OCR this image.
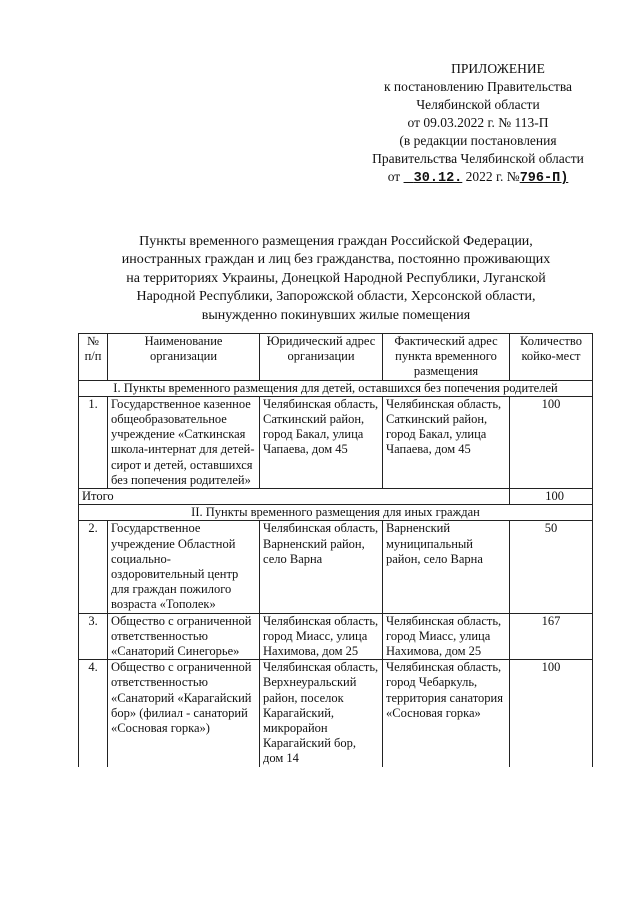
ПРИЛОЖЕНИЕ
к постановлению Правительства
Челябинской области
от 09.03.2022 г. № 113-П
(в редакции постановления
Правительства Челябинской области
от 30.12. 2022 г. №796-П)
Пункты временного размещения граждан Российской Федерации,
иностранных граждан и лиц без гражданства, постоянно проживающих
на территориях Украины, Донецкой Народной Республики, Луганской
Народной Республики, Запорожской области, Херсонской области,
вынужденно покинувших жилые помещения
№ п/п	Наименование организации	Юридический адрес организации	Фактический адрес пункта временного размещения	Количество койко-мест
I. Пункты временного размещения для детей, оставшихся без попечения родителей				
1.	Государственное казенное общеобразовательное учреждение «Саткинская школа-интернат для детей-сирот и детей, оставшихся без попечения родителей»	Челябинская область, Саткинский район, город Бакал, улица Чапаева, дом 45	Челябинская область, Саткинский район, город Бакал, улица Чапаева, дом 45	100
Итого				100
II. Пункты временного размещения для иных граждан				
2.	Государственное учреждение Областной социально-оздоровительный центр для граждан пожилого возраста «Тополек»	Челябинская область, Варненский район, село Варна	Варненский муниципальный район, село Варна	50
3.	Общество с ограниченной ответственностью «Санаторий Синегорье»	Челябинская область, город Миасс, улица Нахимова, дом 25	Челябинская область, город Миасс, улица Нахимова, дом 25	167
4.	Общество с ограниченной ответственностью «Санаторий «Карагайский бор» (филиал - санаторий «Сосновая горка»)	Челябинская область, Верхнеуральский район, поселок Карагайский, микрорайон Карагайский бор, дом 14	Челябинская область, город Чебаркуль, территория санатория «Сосновая горка»	100
